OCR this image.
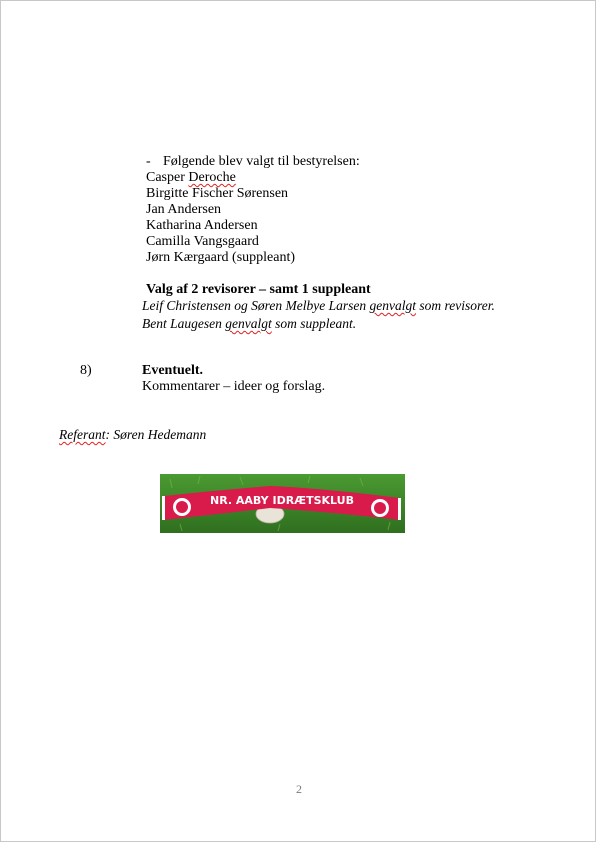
- Følgende blev valgt til bestyrelsen:
Casper Deroche
Birgitte Fischer Sørensen
Jan Andersen
Katharina Andersen
Camilla Vangsgaard
Jørn Kærgaard (suppleant)
Valg af 2 revisorer – samt 1 suppleant
Leif Christensen og Søren Melbye Larsen genvalgt som revisorer.
Bent Laugesen genvalgt som suppleant.
8)	Eventuelt.
Kommentarer – ideer og forslag.
Referant: Søren Hedemann
NR. AABY IDRÆTSKLUB
2
